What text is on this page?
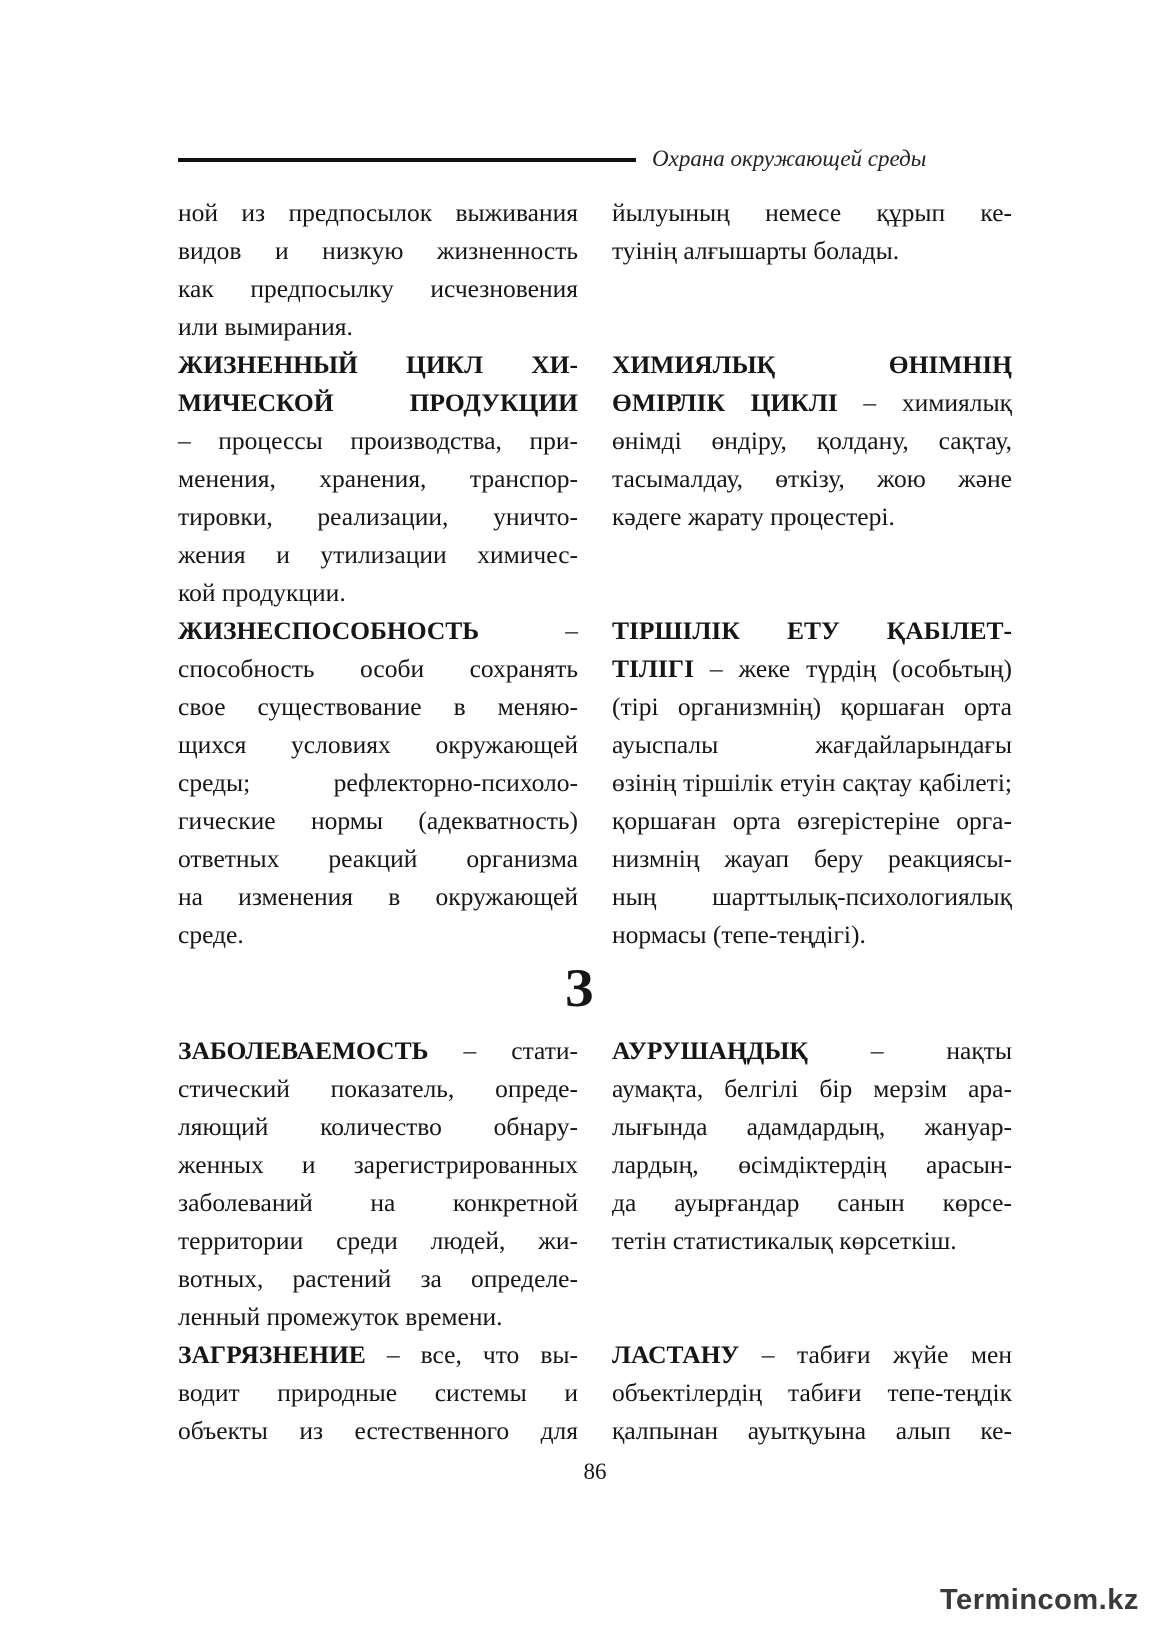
Охрана окружающей среды
ной из предпосылок выживания
видов и низкую жизненность
как предпосылку исчезновения
или вымирания.
ЖИЗНЕННЫЙ ЦИКЛ ХИ-
МИЧЕСКОЙ ПРОДУКЦИИ
– процессы производства, при-
менения, хранения, транспор-
тировки, реализации, уничто-
жения и утилизации химичес-
кой продукции.
ЖИЗНЕСПОСОБНОСТЬ –
способность особи сохранять
свое существование в меняю-
щихся условиях окружающей
среды; рефлекторно-психоло-
гические нормы (адекватность)
ответных реакций организма
на изменения в окружающей
среде.
йылуының немесе құрып ке-
туінің алғышарты болады.
ХИМИЯЛЫҚ ӨНІМНІҢ
ӨМІРЛІК ЦИКЛІ – химиялық
өнімді өндіру, қолдану, сақтау,
тасымалдау, өткізу, жою және
кәдеге жарату процестері.
ТІРШІЛІК ЕТУ ҚАБІЛЕТ-
ТІЛІГІ – жеке түрдің (особьтың)
(тірі организмнің) қоршаған орта
ауыспалы жағдайларындағы
өзінің тіршілік етуін сақтау қабілеті;
қоршаған орта өзгерістеріне орга-
низмнің жауап беру реакциясы-
ның шарттылық-психологиялық
нормасы (тепе-теңдігі).
З
ЗАБОЛЕВАЕМОСТЬ – стати-
стический показатель, опреде-
ляющий количество обнару-
женных и зарегистрированных
заболеваний на конкретной
территории среди людей, жи-
вотных, растений за определе-
ленный промежуток времени.
ЗАГРЯЗНЕНИЕ – все, что вы-
водит природные системы и
объекты из естественного для
АУРУШАҢДЫҚ – нақты
аумақта, белгілі бір мерзім ара-
лығында адамдардың, жануар-
лардың, өсімдіктердің арасын-
да ауырғандар санын көрсе-
тетін статистикалық көрсеткіш.
ЛАСТАНУ – табиғи жүйе мен
объектілердің табиғи тепе-теңдік
қалпынан ауытқуына алып ке-
86
Termincom.kz
